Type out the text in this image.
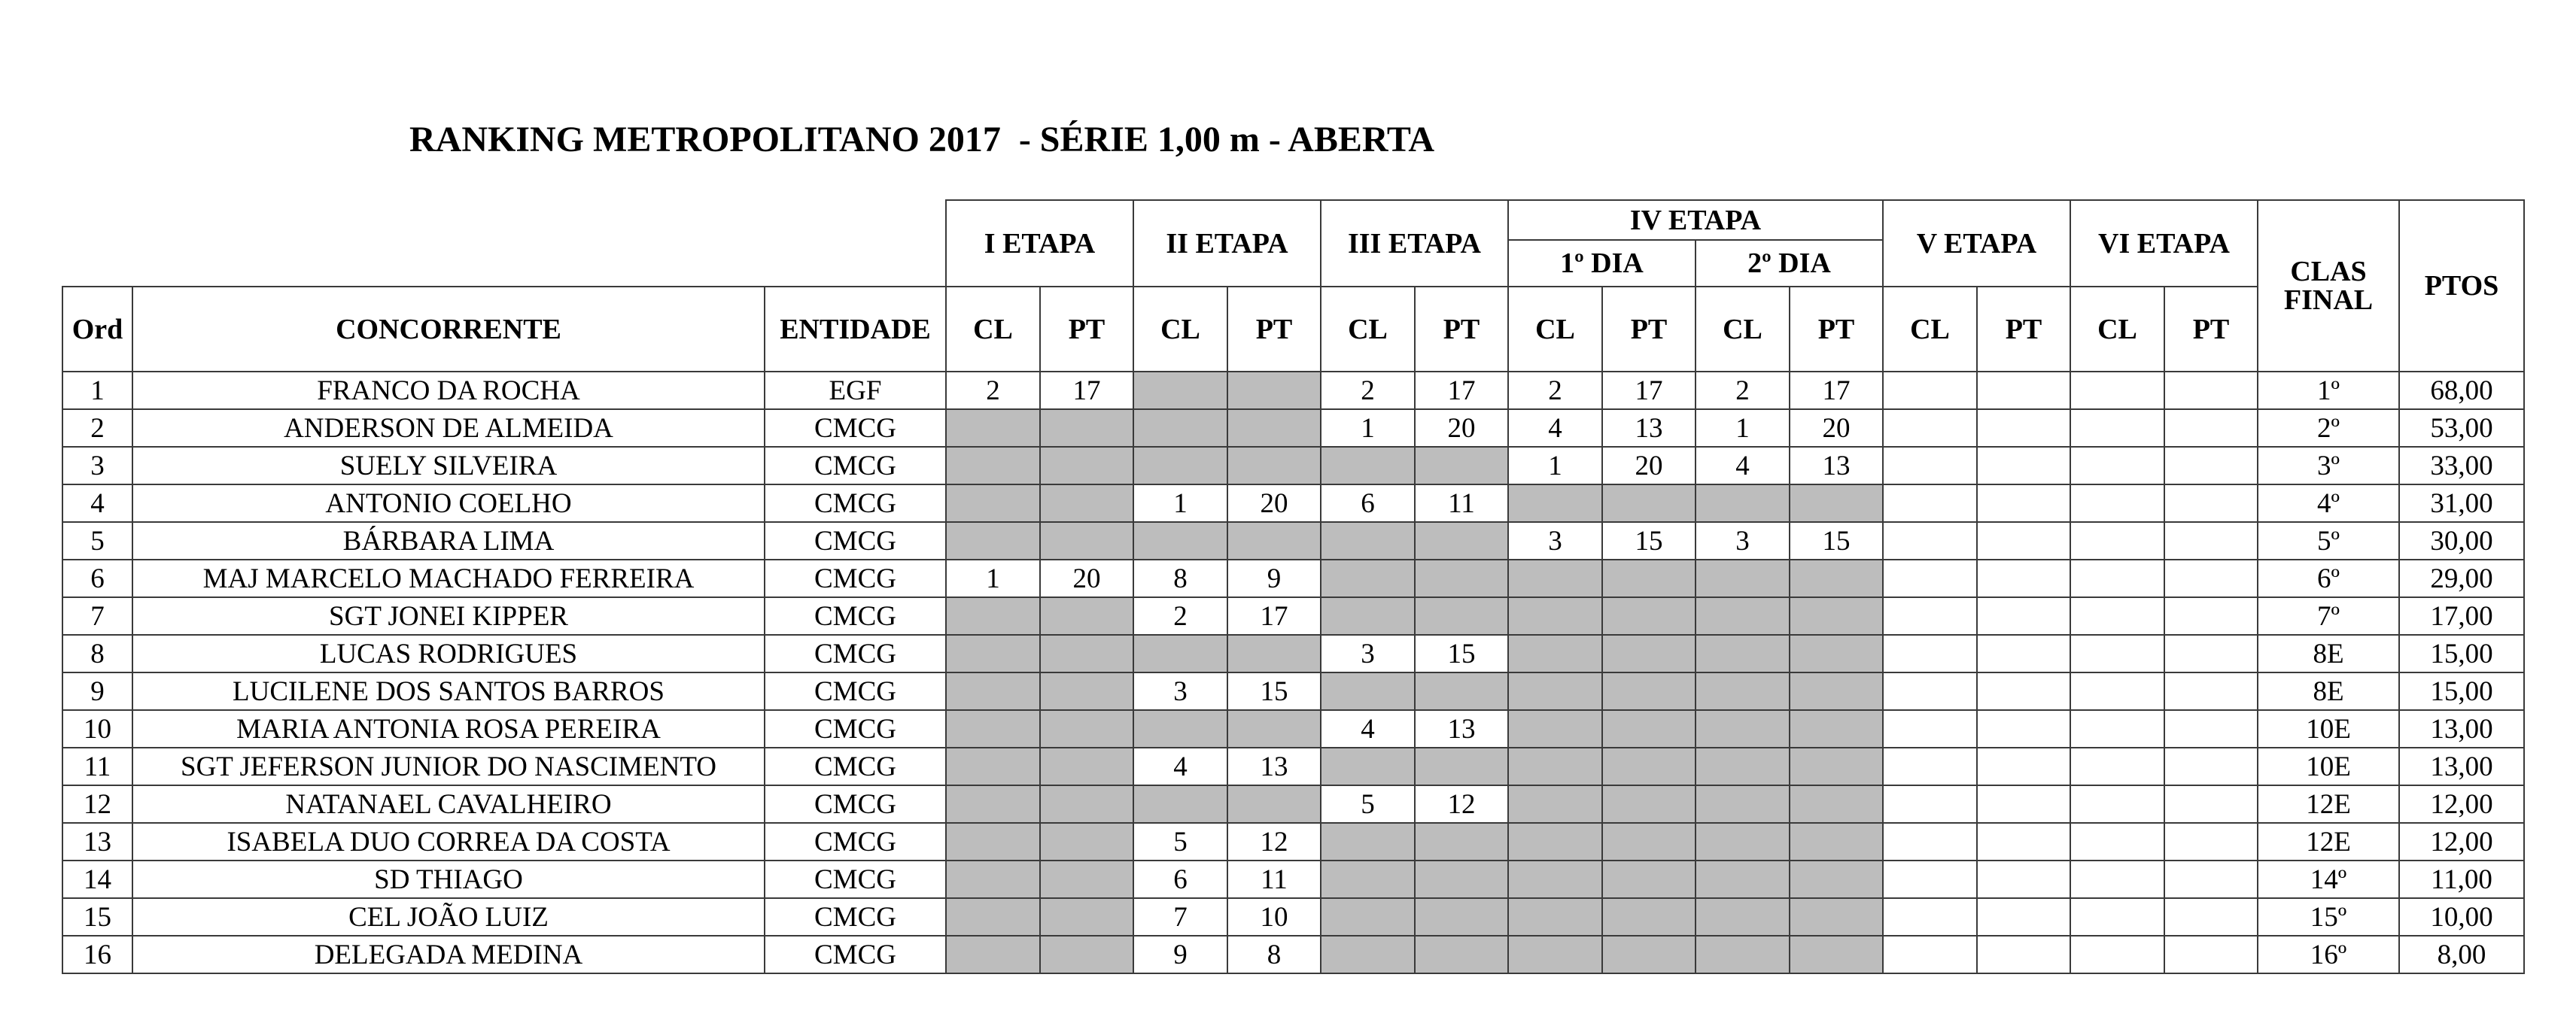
RANKING METROPOLITANO 2017  - SÉRIE 1,00 m - ABERTA
			I ETAPA		II ETAPA		III ETAPA		IV ETAPA				V ETAPA		VI ETAPA		CLAS FINAL	PTOS
									1º DIA		2º DIA							
Ord	CONCORRENTE	ENTIDADE	CL	PT	CL	PT	CL	PT	CL	PT	CL	PT	CL	PT	CL	PT		
1	FRANCO DA ROCHA	EGF	2	17			2	17	2	17	2	17					1º	68,00
2	ANDERSON DE ALMEIDA	CMCG					1	20	4	13	1	20					2º	53,00
3	SUELY SILVEIRA	CMCG							1	20	4	13					3º	33,00
4	ANTONIO COELHO	CMCG			1	20	6	11									4º	31,00
5	BÁRBARA LIMA	CMCG							3	15	3	15					5º	30,00
6	MAJ MARCELO MACHADO FERREIRA	CMCG	1	20	8	9											6º	29,00
7	SGT JONEI KIPPER	CMCG			2	17											7º	17,00
8	LUCAS RODRIGUES	CMCG					3	15									8E	15,00
9	LUCILENE DOS SANTOS BARROS	CMCG			3	15											8E	15,00
10	MARIA ANTONIA ROSA PEREIRA	CMCG					4	13									10E	13,00
11	SGT JEFERSON JUNIOR DO NASCIMENTO	CMCG			4	13											10E	13,00
12	NATANAEL CAVALHEIRO	CMCG					5	12									12E	12,00
13	ISABELA DUO CORREA DA COSTA	CMCG			5	12											12E	12,00
14	SD THIAGO	CMCG			6	11											14º	11,00
15	CEL JOÃO LUIZ	CMCG			7	10											15º	10,00
16	DELEGADA MEDINA	CMCG			9	8											16º	8,00
